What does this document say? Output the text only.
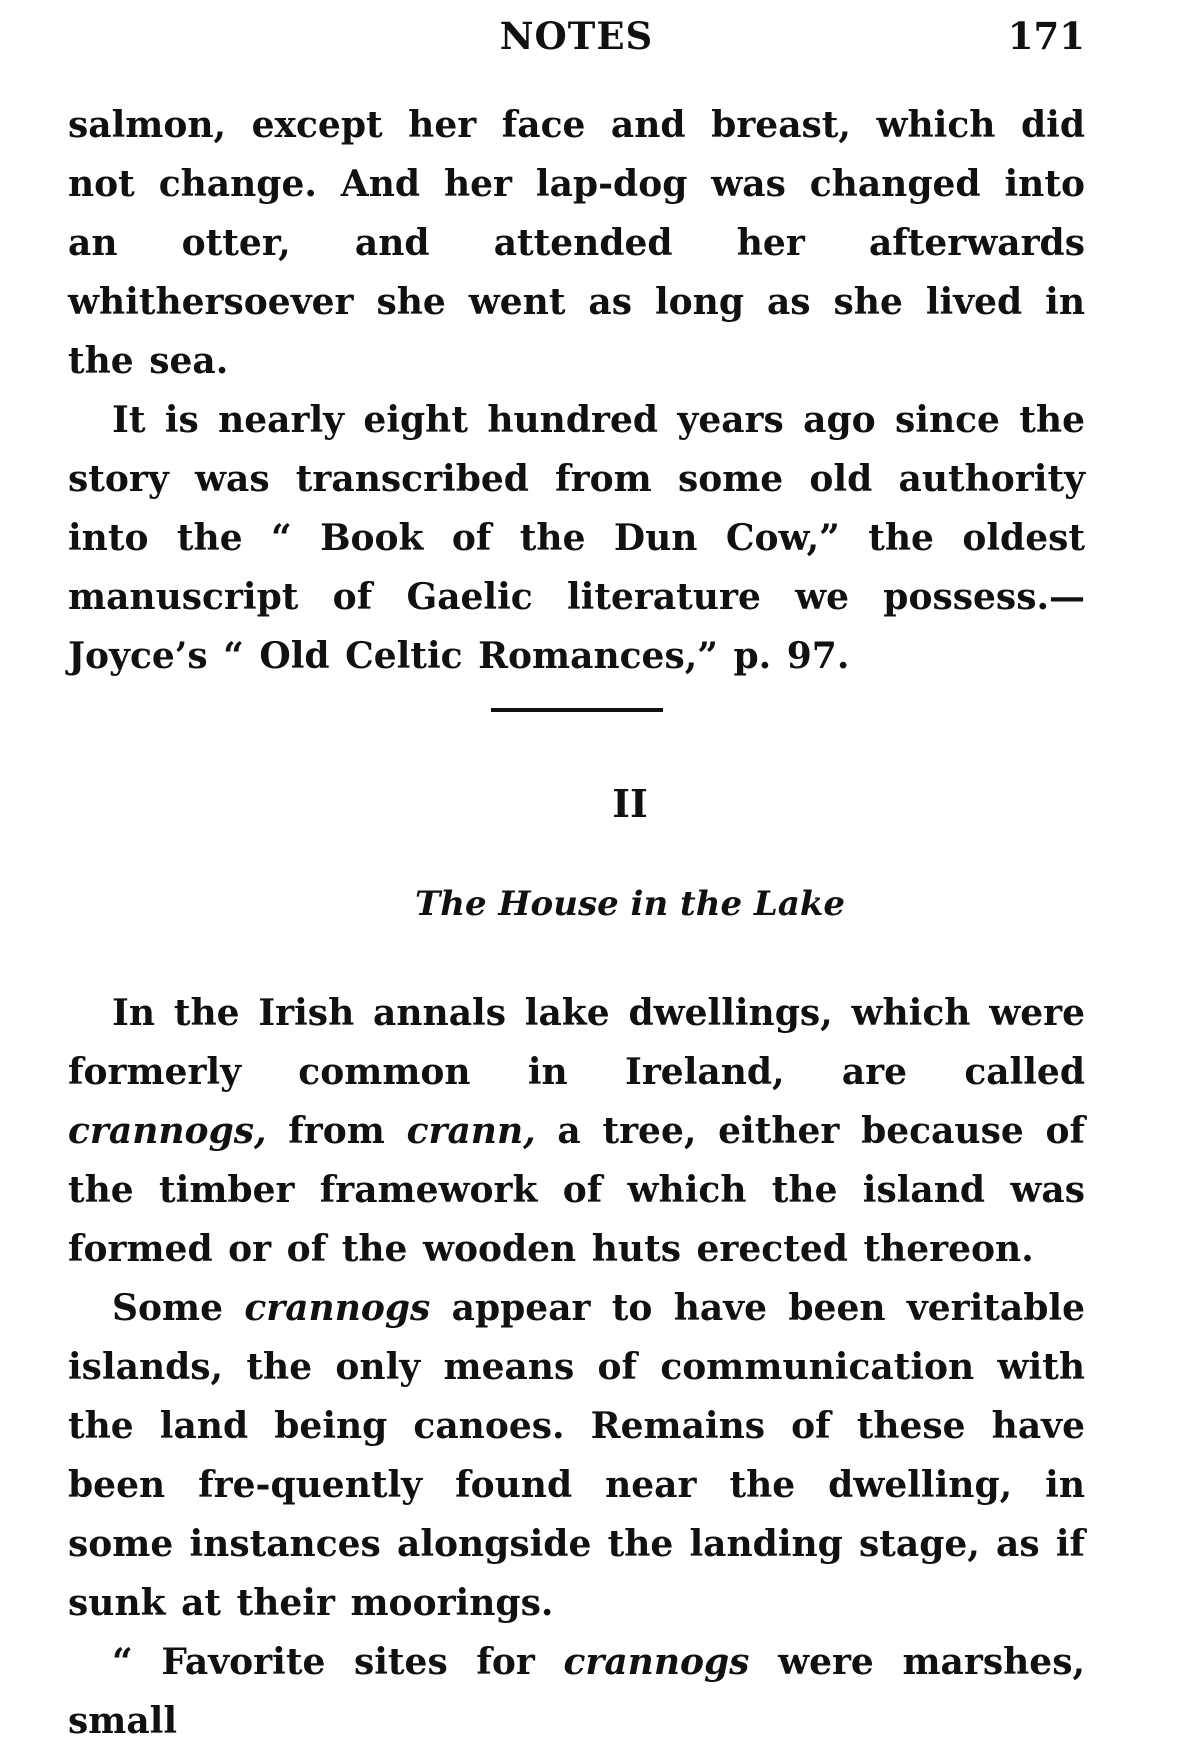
NOTES	171

salmon, except her face and breast, which did not change. And her lap-dog was changed into an otter, and attended her afterwards whithersoever she went as long as she lived in the sea.

It is nearly eight hundred years ago since the story was transcribed from some old authority into the “ Book of the Dun Cow,” the oldest manuscript of Gaelic literature we possess.—Joyce’s “ Old Celtic Romances,” p. 97.

II
The House in the Lake

In the Irish annals lake dwellings, which were formerly common in Ireland, are called crannogs, from crann, a tree, either because of the timber framework of which the island was formed or of the wooden huts erected thereon.

Some crannogs appear to have been veritable islands, the only means of communication with the land being canoes. Remains of these have been fre-quently found near the dwelling, in some instances alongside the landing stage, as if sunk at their moorings.

“ Favorite sites for crannogs were marshes, small
